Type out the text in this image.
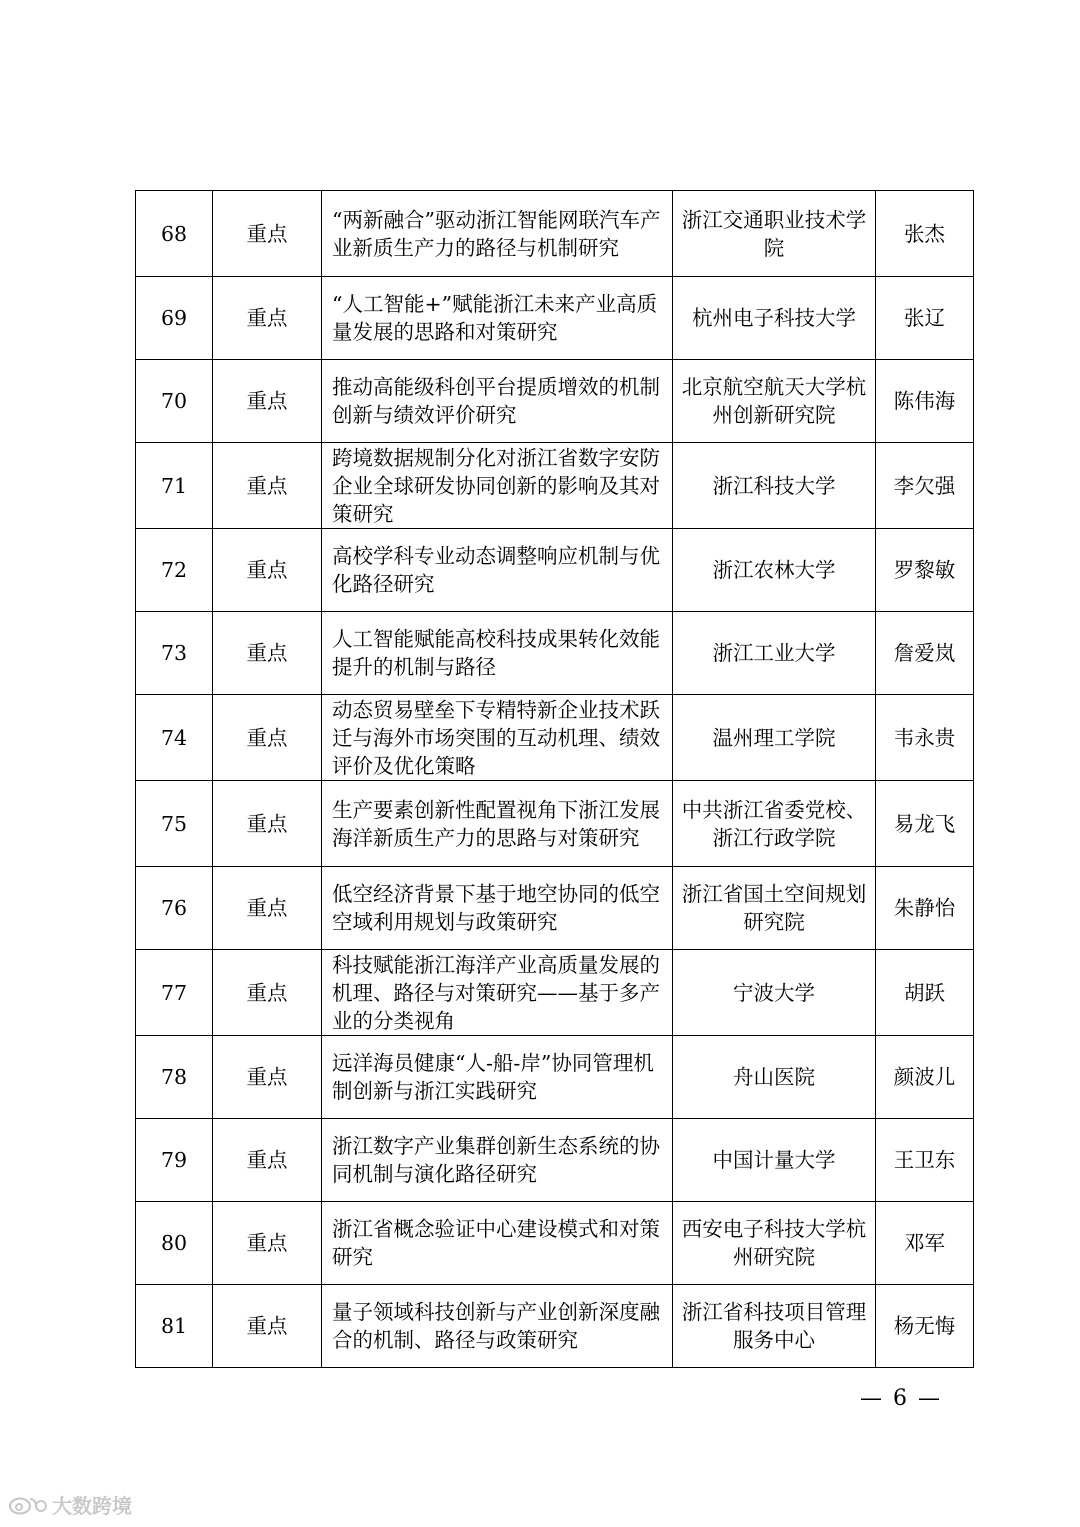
68	重点	“两新融合”驱动浙江智能网联汽车产业新质生产力的路径与机制研究	浙江交通职业技术学院	张杰
69	重点	“人工智能+”赋能浙江未来产业高质量发展的思路和对策研究	杭州电子科技大学	张辽
70	重点	推动高能级科创平台提质增效的机制创新与绩效评价研究	北京航空航天大学杭州创新研究院	陈伟海
71	重点	跨境数据规制分化对浙江省数字安防企业全球研发协同创新的影响及其对策研究	浙江科技大学	李欠强
72	重点	高校学科专业动态调整响应机制与优化路径研究	浙江农林大学	罗黎敏
73	重点	人工智能赋能高校科技成果转化效能提升的机制与路径	浙江工业大学	詹爱岚
74	重点	动态贸易壁垒下专精特新企业技术跃迁与海外市场突围的互动机理、绩效评价及优化策略	温州理工学院	韦永贵
75	重点	生产要素创新性配置视角下浙江发展海洋新质生产力的思路与对策研究	中共浙江省委党校、浙江行政学院	易龙飞
76	重点	低空经济背景下基于地空协同的低空空域利用规划与政策研究	浙江省国土空间规划研究院	朱静怡
77	重点	科技赋能浙江海洋产业高质量发展的机理、路径与对策研究——基于多产业的分类视角	宁波大学	胡跃
78	重点	远洋海员健康“人-船-岸”协同管理机制创新与浙江实践研究	舟山医院	颜波儿
79	重点	浙江数字产业集群创新生态系统的协同机制与演化路径研究	中国计量大学	王卫东
80	重点	浙江省概念验证中心建设模式和对策研究	西安电子科技大学杭州研究院	邓军
81	重点	量子领域科技创新与产业创新深度融合的机制、路径与政策研究	浙江省科技项目管理服务中心	杨无悔
— 6 —
大数跨境
